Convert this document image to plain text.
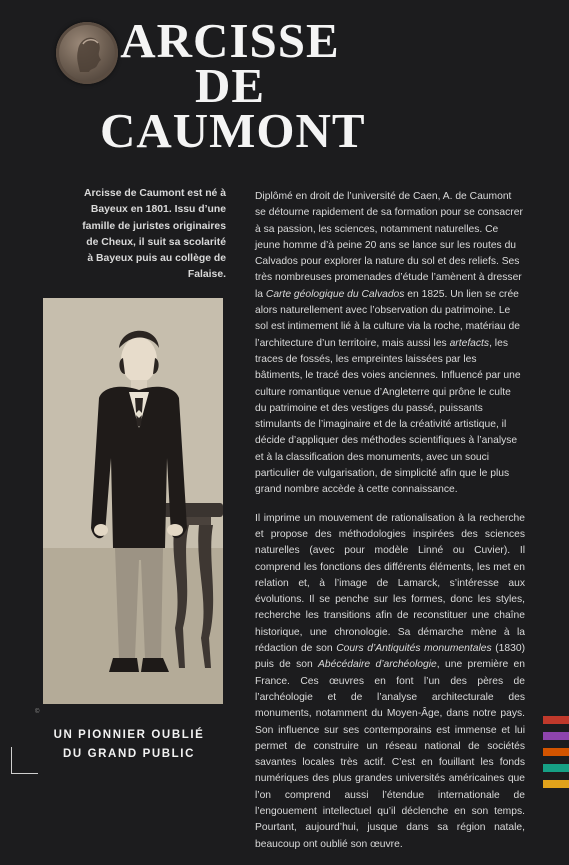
ARCISSE
DE
CAUMONT

Arcisse de Caumont est né à Bayeux en 1801. Issu d’une famille de juristes originaires de Cheux, il suit sa scolarité à Bayeux puis au collège de Falaise.

©
UN PIONNIER OUBLIÉ
DU GRAND PUBLIC

Diplômé en droit de l’université de Caen, A. de Caumont se détourne rapidement de sa formation pour se consacrer à sa passion, les sciences, notamment naturelles. Ce jeune homme d’à peine 20 ans se lance sur les routes du Calvados pour explorer la nature du sol et des reliefs. Ses très nombreuses promenades d’étude l’amènent à dresser la Carte géologique du Calvados en 1825. Un lien se crée alors naturellement avec l’observation du patrimoine. Le sol est intimement lié à la culture via la roche, matériau de l’architecture d’un territoire, mais aussi les artefacts, les traces de fossés, les empreintes laissées par les bâtiments, le tracé des voies anciennes. Influencé par une culture romantique venue d’Angleterre qui prône le culte du patrimoine et des vestiges du passé, puissants stimulants de l’imaginaire et de la créativité artistique, il décide d’appliquer des méthodes scientifiques à l’analyse et à la classification des monuments, avec un souci particulier de vulgarisation, de simplicité afin que le plus grand nombre accède à cette connaissance.

Il imprime un mouvement de rationalisation à la recherche et propose des méthodologies inspirées des sciences naturelles (avec pour modèle Linné ou Cuvier). Il comprend les fonctions des différents éléments, les met en relation et, à l’image de Lamarck, s’intéresse aux évolutions. Il se penche sur les formes, donc les styles, recherche les transitions afin de reconstituer une chaîne historique, une chronologie. Sa démarche mène à la rédaction de son Cours d’Antiquités monumentales (1830) puis de son Abécédaire d’archéologie, une première en France. Ces œuvres en font l’un des pères de l’archéologie et de l’analyse architecturale des monuments, notamment du Moyen-Âge, dans notre pays. Son influence sur ses contemporains est immense et lui permet de construire un réseau national de sociétés savantes locales très actif. C’est en fouillant les fonds numériques des plus grandes universités américaines que l’on comprend aussi l’étendue internationale de l’engouement intellectuel qu’il déclenche en son temps. Pourtant, aujourd’hui, jusque dans sa région natale, beaucoup ont oublié son œuvre.
